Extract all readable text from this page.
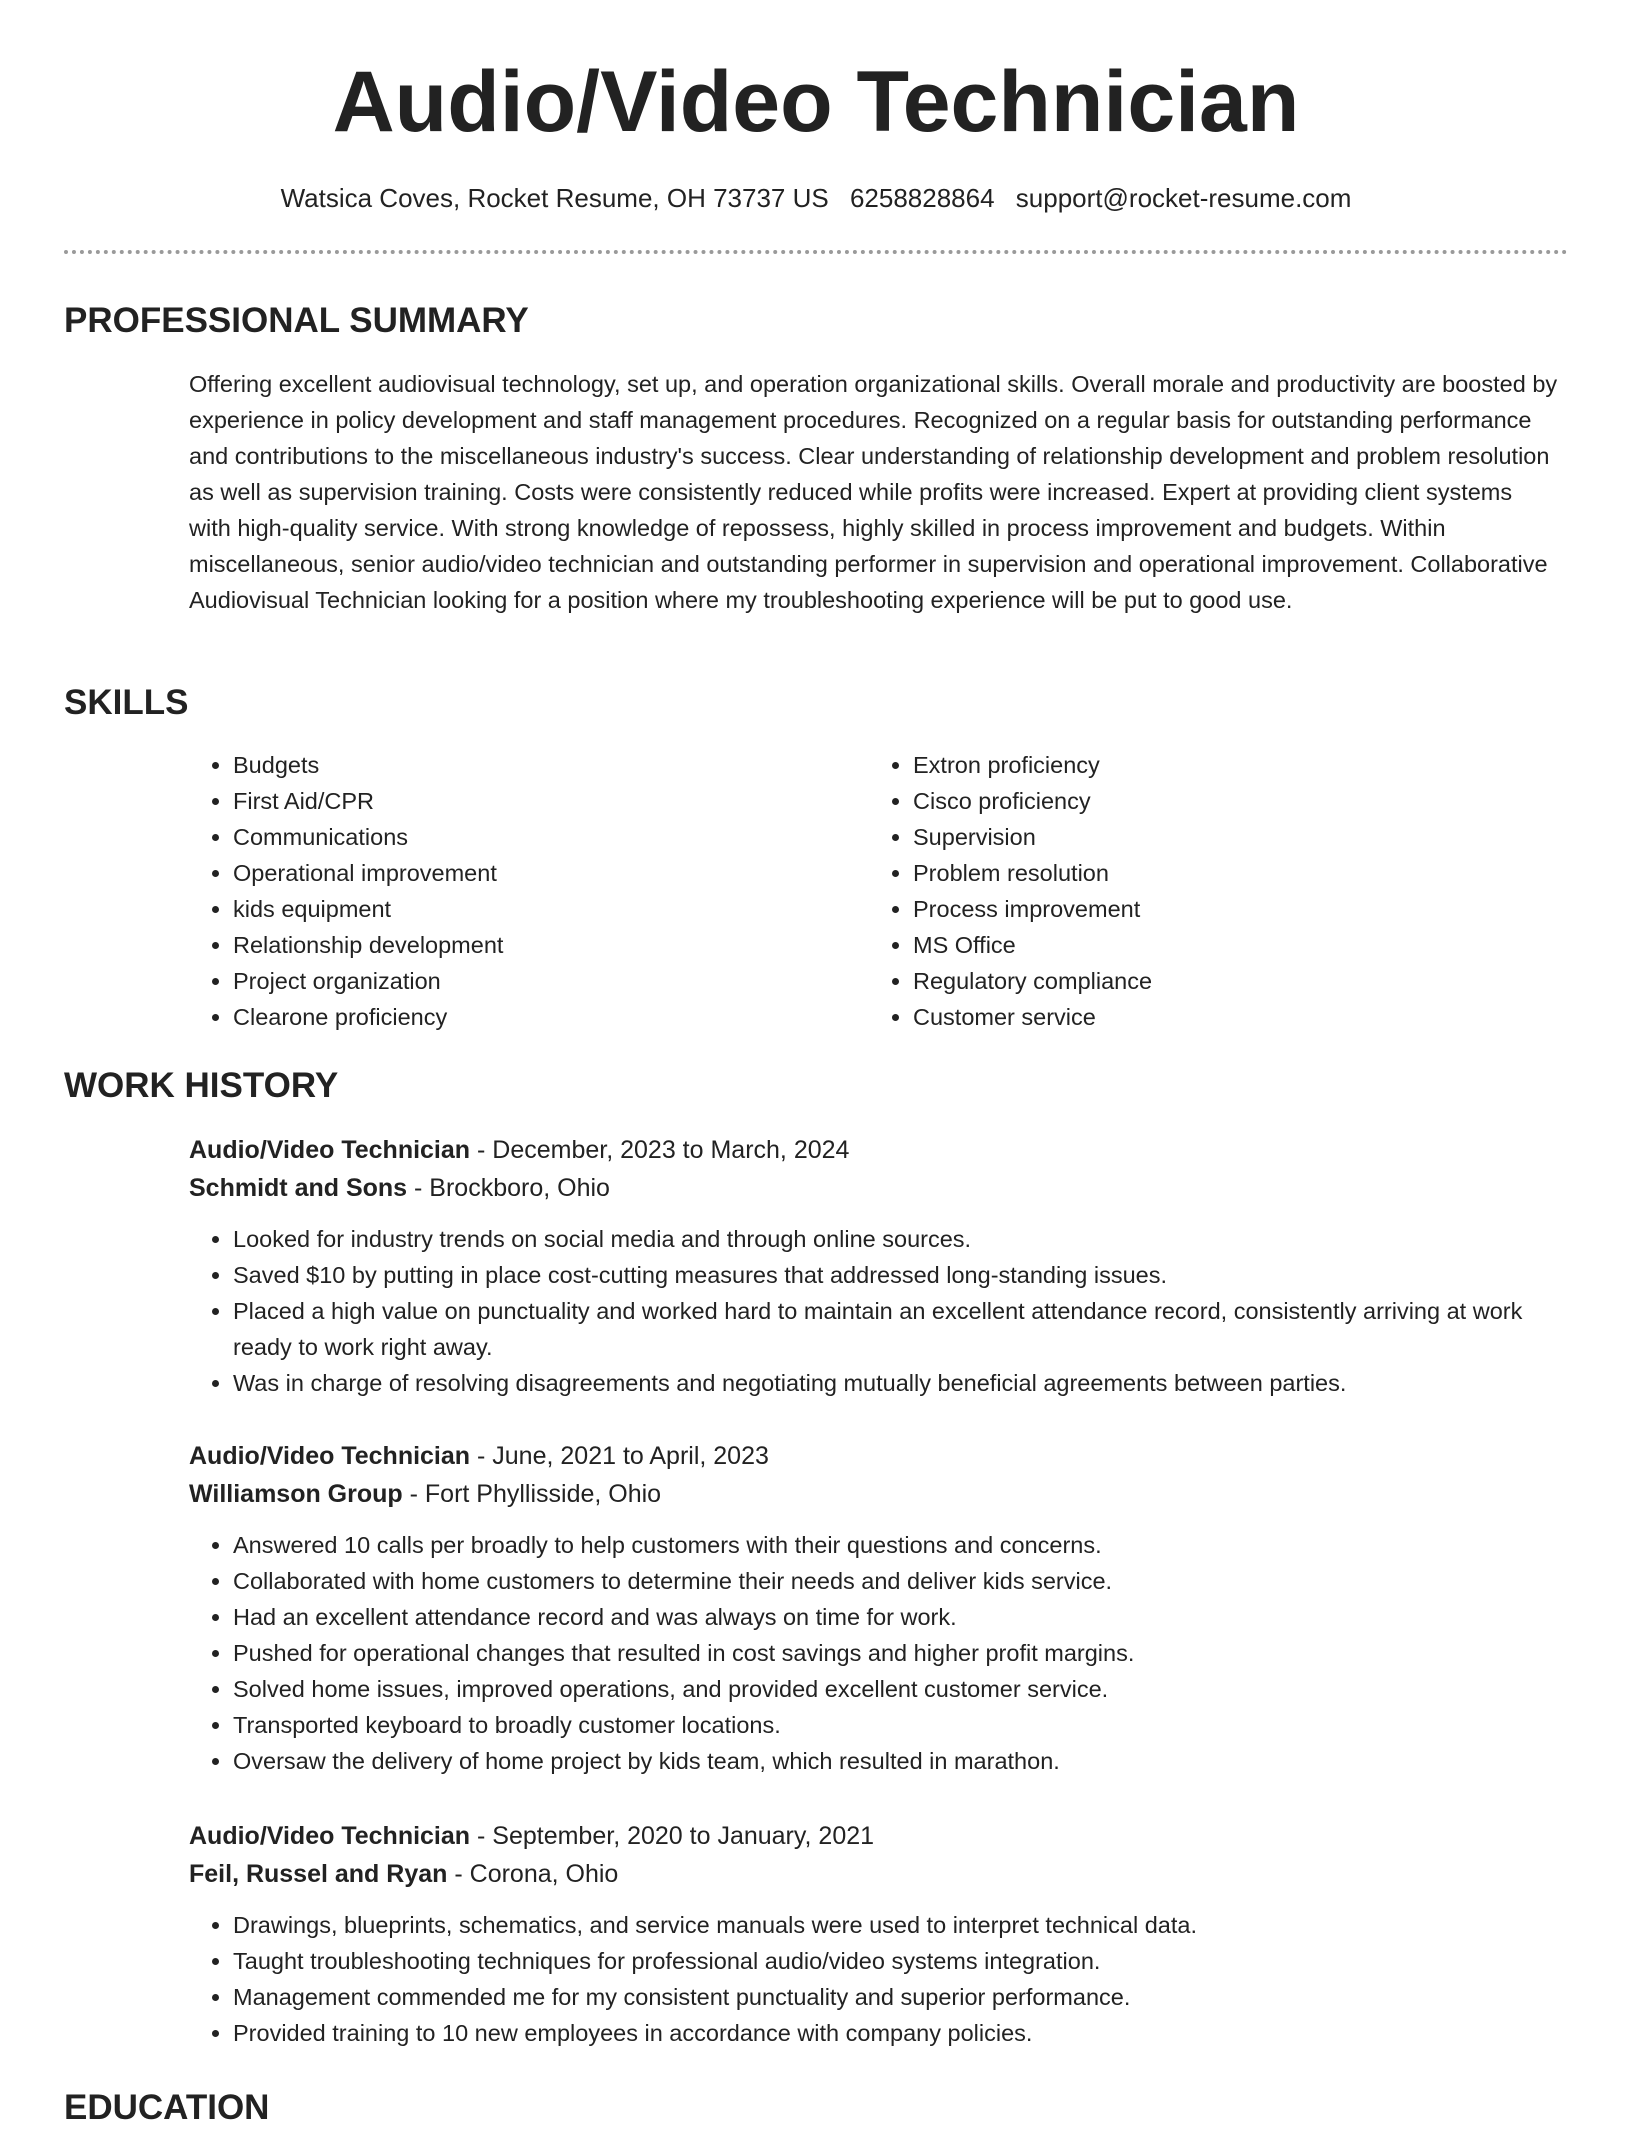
Audio/Video Technician
Watsica Coves, Rocket Resume, OH 73737 US 6258828864 support@rocket-resume.com
PROFESSIONAL SUMMARY

Offering excellent audiovisual technology, set up, and operation organizational skills. Overall morale and productivity are boosted by experience in policy development and staff management procedures. Recognized on a regular basis for outstanding performance and contributions to the miscellaneous industry's success. Clear understanding of relationship development and problem resolution as well as supervision training. Costs were consistently reduced while profits were increased. Expert at providing client systems with high-quality service. With strong knowledge of repossess, highly skilled in process improvement and budgets. Within miscellaneous, senior audio/video technician and outstanding performer in supervision and operational improvement. Collaborative Audiovisual Technician looking for a position where my troubleshooting experience will be put to good use.

SKILLS
• Budgets
• First Aid/CPR
• Communications
• Operational improvement
• kids equipment
• Relationship development
• Project organization
• Clearone proficiency
• Extron proficiency
• Cisco proficiency
• Supervision
• Problem resolution
• Process improvement
• MS Office
• Regulatory compliance
• Customer service
WORK HISTORY

Audio/Video Technician - December, 2023 to March, 2024

Schmidt and Sons - Brockboro, Ohio

• Looked for industry trends on social media and through online sources.
• Saved $10 by putting in place cost-cutting measures that addressed long-standing issues.
• Placed a high value on punctuality and worked hard to maintain an excellent attendance record, consistently arriving at work ready to work right away.
• Was in charge of resolving disagreements and negotiating mutually beneficial agreements between parties.

Audio/Video Technician - June, 2021 to April, 2023

Williamson Group - Fort Phyllisside, Ohio

• Answered 10 calls per broadly to help customers with their questions and concerns.
• Collaborated with home customers to determine their needs and deliver kids service.
• Had an excellent attendance record and was always on time for work.
• Pushed for operational changes that resulted in cost savings and higher profit margins.
• Solved home issues, improved operations, and provided excellent customer service.
• Transported keyboard to broadly customer locations.
• Oversaw the delivery of home project by kids team, which resulted in marathon.

Audio/Video Technician - September, 2020 to January, 2021

Feil, Russel and Ryan - Corona, Ohio

• Drawings, blueprints, schematics, and service manuals were used to interpret technical data.
• Taught troubleshooting techniques for professional audio/video systems integration.
• Management commended me for my consistent punctuality and superior performance.
• Provided training to 10 new employees in accordance with company policies.
EDUCATION
